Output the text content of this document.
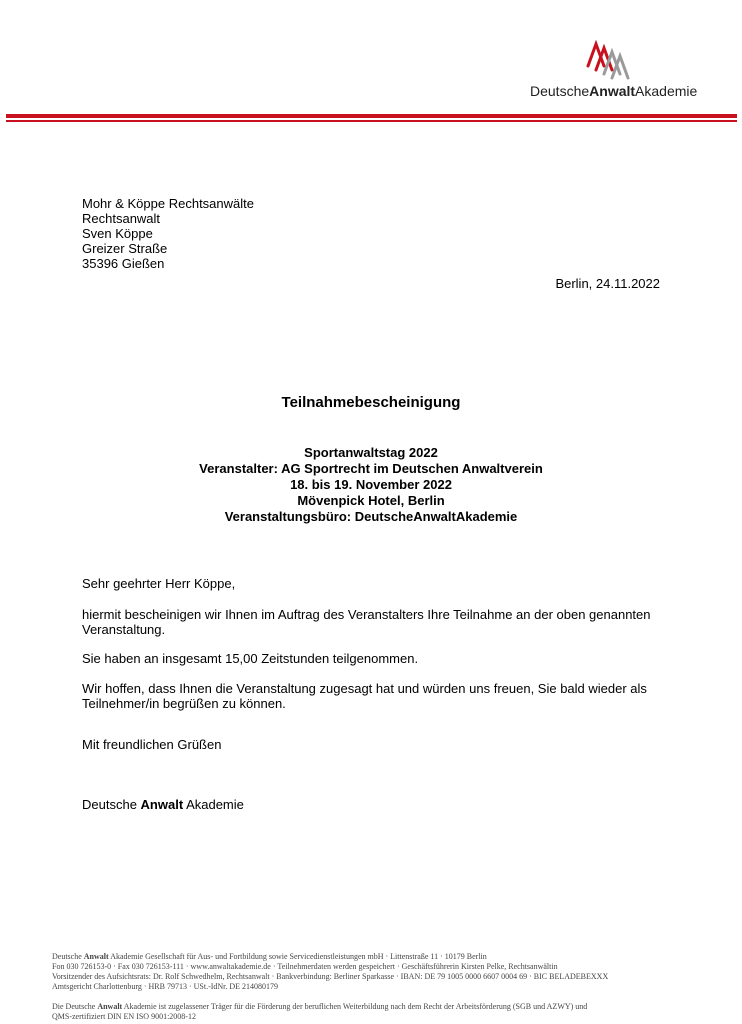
DeutscheAnwaltAkademie
Mohr & Köppe Rechtsanwälte
Rechtsanwalt
Sven Köppe
Greizer Straße
35396 Gießen
Berlin, 24.11.2022
Teilnahmebescheinigung
Sportanwaltstag 2022
Veranstalter: AG Sportrecht im Deutschen Anwaltverein
18. bis 19. November 2022
Mövenpick Hotel, Berlin
Veranstaltungsbüro: DeutscheAnwaltAkademie
Sehr geehrter Herr Köppe,
hiermit bescheinigen wir Ihnen im Auftrag des Veranstalters Ihre Teilnahme an der oben genannten Veranstaltung.
Sie haben an insgesamt 15,00 Zeitstunden teilgenommen.
Wir hoffen, dass Ihnen die Veranstaltung zugesagt hat und würden uns freuen, Sie bald wieder als Teilnehmer/in begrüßen zu können.
Mit freundlichen Grüßen
Deutsche Anwalt Akademie
Deutsche Anwalt Akademie Gesellschaft für Aus- und Fortbildung sowie Servicedienstleistungen mbH · Littenstraße 11 · 10179 Berlin
Fon 030 726153-0 · Fax 030 726153-111 · www.anwaltakademie.de · Teilnehmerdaten werden gespeichert · Geschäftsführerin Kirsten Pelke, Rechtsanwältin
Vorsitzender des Aufsichtsrats: Dr. Rolf Schwedhelm, Rechtsanwalt · Bankverbindung: Berliner Sparkasse · IBAN: DE 79 1005 0000 6607 0004 69 · BIC BELADEBEXXX
Amtsgericht Charlottenburg · HRB 79713 · USt.-IdNr. DE 214080179
Die Deutsche Anwalt Akademie ist zugelassener Träger für die Förderung der beruflichen Weiterbildung nach dem Recht der Arbeitsförderung (SGB und AZWY) und
QMS-zertifiziert DIN EN ISO 9001:2008-12
